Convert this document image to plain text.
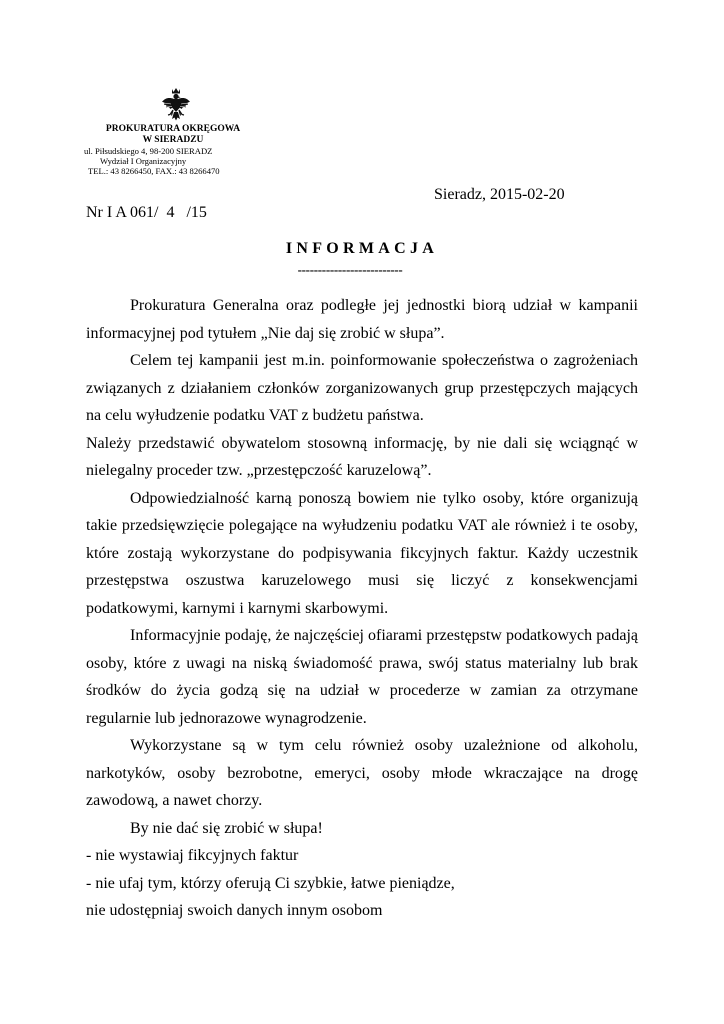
PROKURATURA OKRĘGOWA
W SIERADZU
ul. Piłsudskiego 4, 98-200 SIERADZ
Wydział I Organizacyjny
TEL.: 43 8266450, FAX.: 43 8266470
Sieradz, 2015-02-20
Nr I A 061/  4   /15
INFORMACJA
--------------------------

Prokuratura Generalna oraz podległe jej jednostki biorą udział w kampanii informacyjnej pod tytułem „Nie daj się zrobić w słupa”.

Celem tej kampanii jest m.in. poinformowanie społeczeństwa o zagrożeniach związanych z działaniem członków zorganizowanych grup przestępczych mających na celu wyłudzenie podatku VAT z budżetu państwa.

Należy przedstawić obywatelom stosowną informację, by nie dali się wciągnąć w nielegalny proceder tzw. „przestępczość karuzelową”.

Odpowiedzialność karną ponoszą bowiem nie tylko osoby, które organizują takie przedsięwzięcie polegające na wyłudzeniu podatku VAT ale również i te osoby, które zostają wykorzystane do podpisywania fikcyjnych faktur. Każdy uczestnik przestępstwa oszustwa karuzelowego musi się liczyć z konsekwencjami podatkowymi, karnymi i karnymi skarbowymi.

Informacyjnie podaję, że najczęściej ofiarami przestępstw podatkowych padają osoby, które z uwagi na niską świadomość prawa, swój status materialny lub brak środków do życia godzą się na udział w procederze w zamian za otrzymane regularnie lub jednorazowe wynagrodzenie.

Wykorzystane są w tym celu również osoby uzależnione od alkoholu, narkotyków, osoby bezrobotne, emeryci, osoby młode wkraczające na drogę zawodową, a nawet chorzy.

By nie dać się zrobić w słupa!

- nie wystawiaj fikcyjnych faktur

- nie ufaj tym, którzy oferują Ci szybkie, łatwe pieniądze,

nie udostępniaj swoich danych innym osobom
